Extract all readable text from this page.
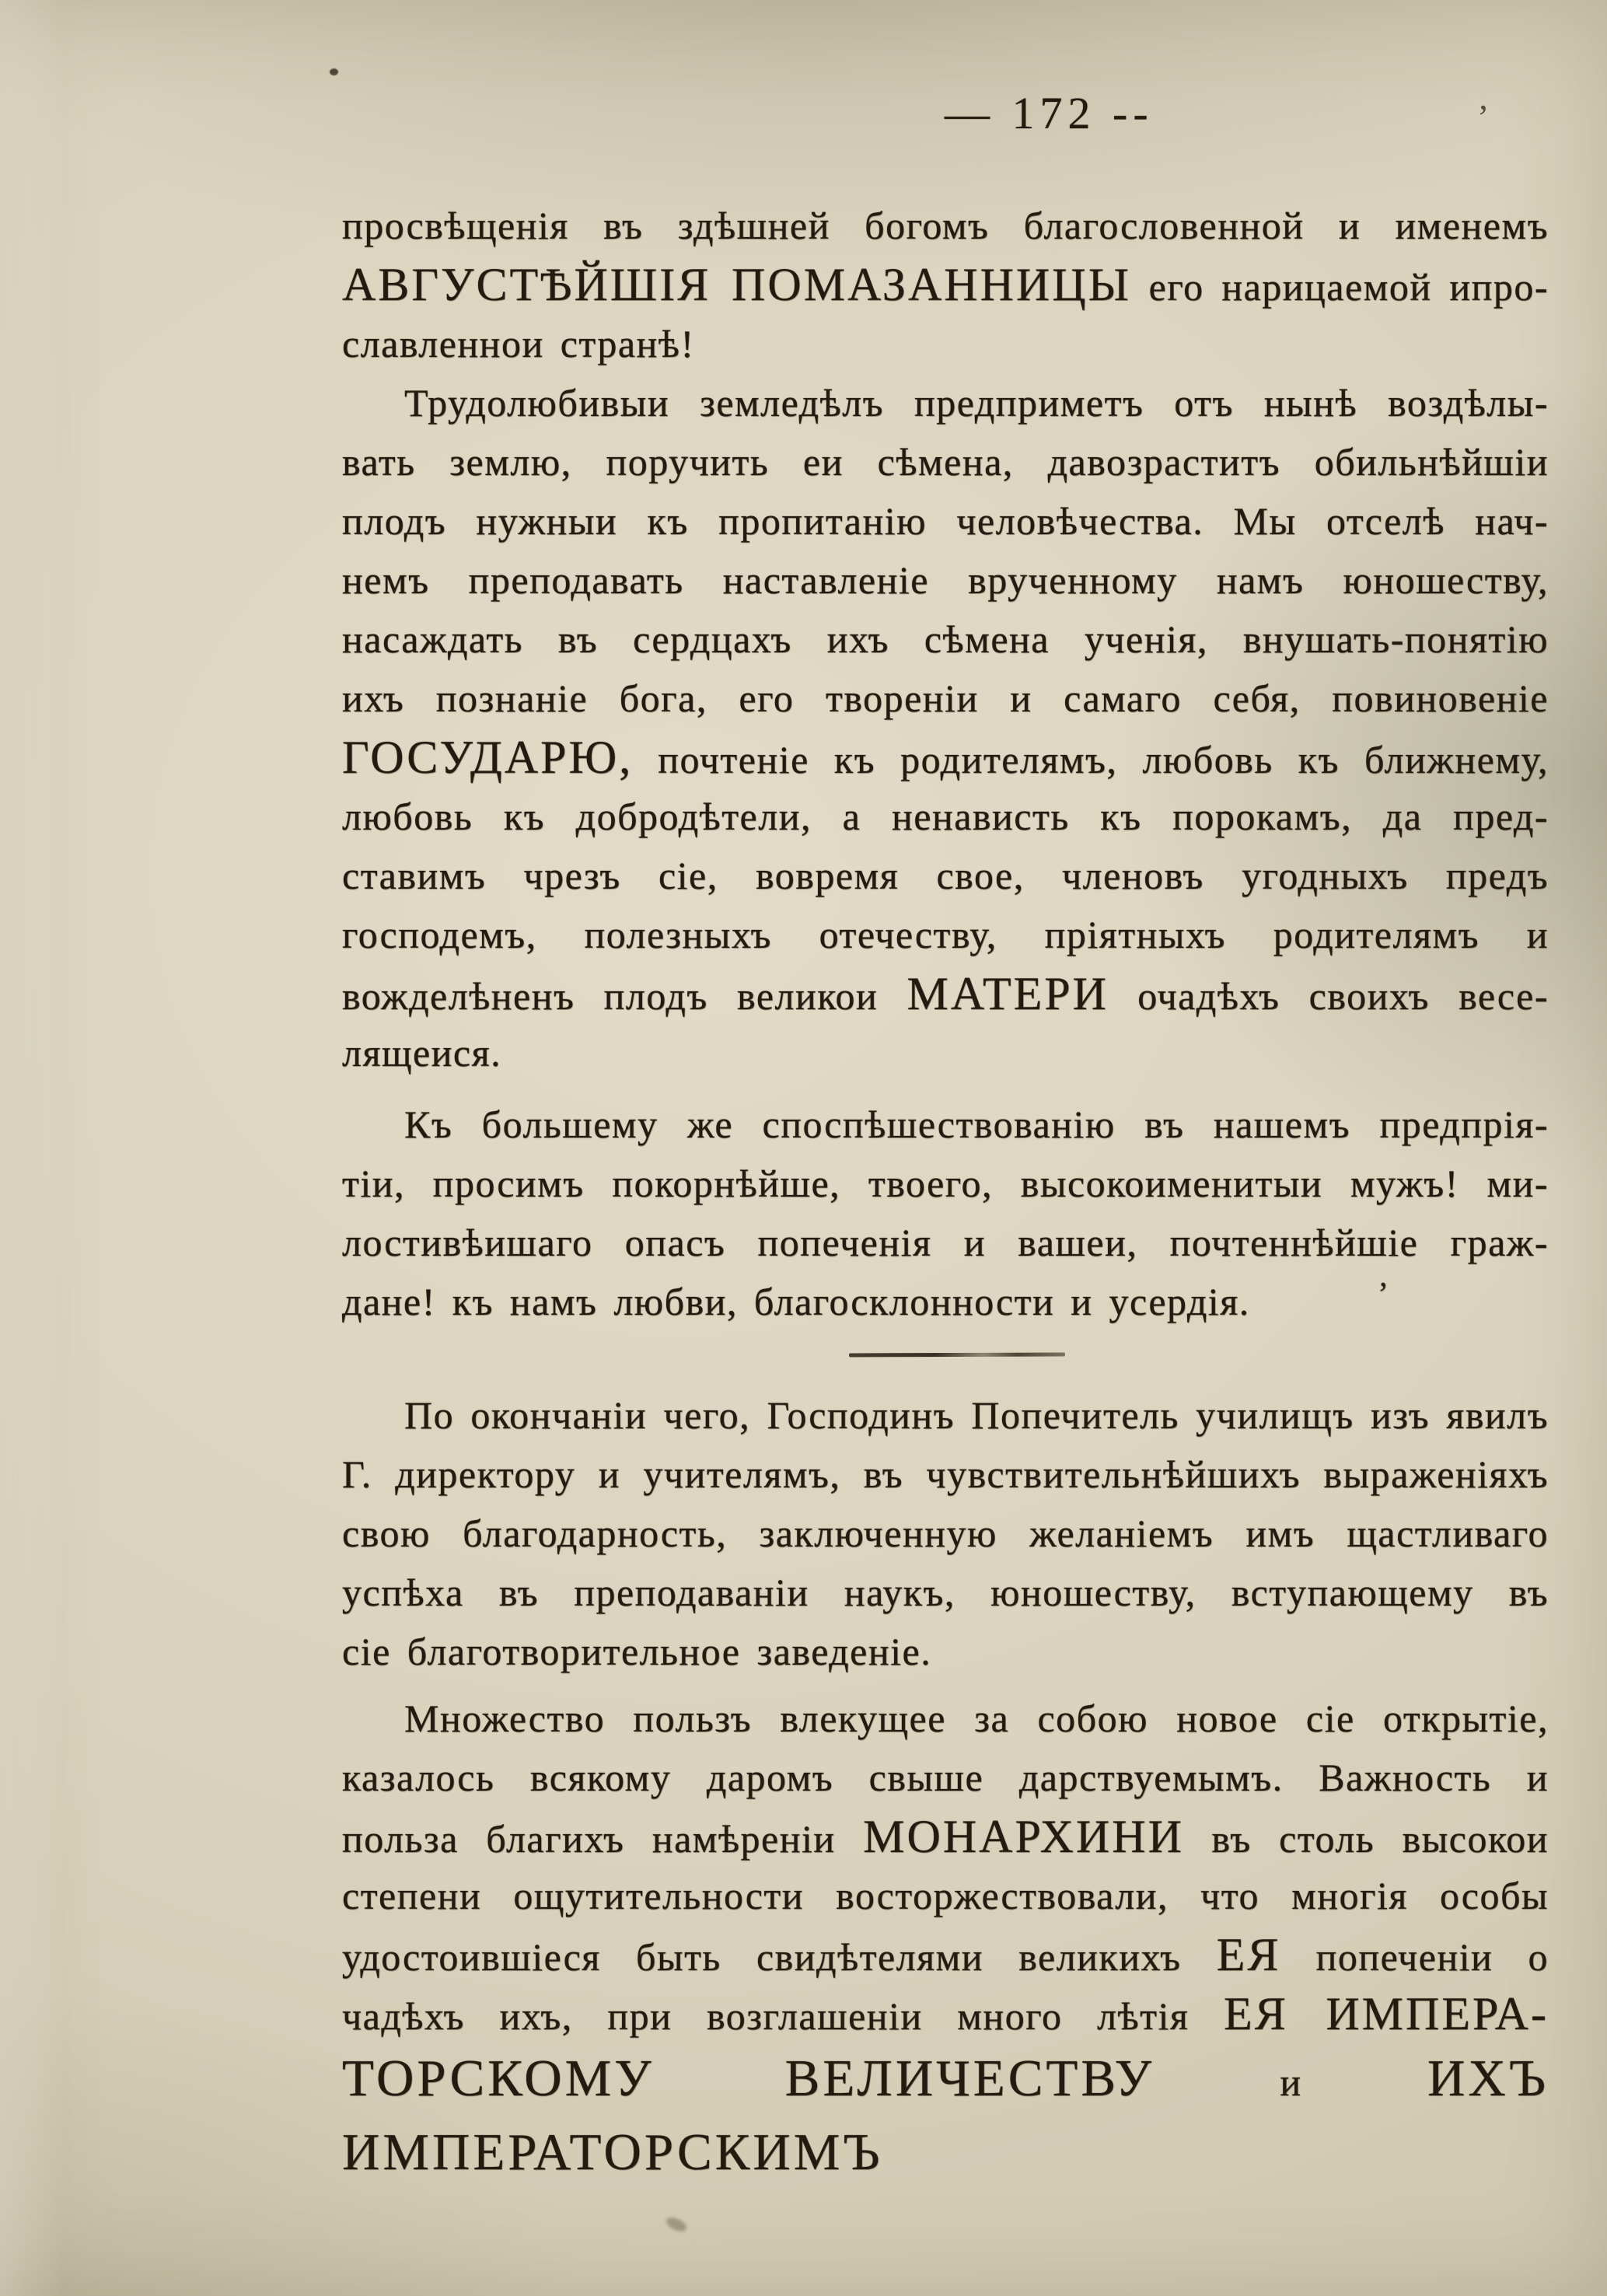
— 172 --	’
просвѣщенія въ здѣшней богомъ благословенной и именемъ
АВГУСТѢЙШІЯ ПОМАЗАННИЦЫ его нарицаемой ипро-
славленнои странѣ!
Трудолюбивыи земледѣлъ предприметъ отъ нынѣ воздѣлы-
вать землю, поручить еи сѣмена, давозраститъ обильнѣйшіи
плодъ нужныи къ пропитанію человѣчества. Мы отселѣ нач-
немъ преподавать наставленіе врученному намъ юношеству,
насаждать въ сердцахъ ихъ сѣмена ученія, внушать-понятію
ихъ познаніе бога, его твореніи и самаго себя, повиновеніе
ГОСУДАРЮ, почтеніе къ родителямъ, любовь къ ближнему,
любовь къ добродѣтели, а ненависть къ порокамъ, да пред-
ставимъ чрезъ сіе, вовремя свое, членовъ угодныхъ предъ
господемъ, полезныхъ отечеству, пріятныхъ родителямъ и
вожделѣненъ плодъ великои МАТЕРИ очадѣхъ своихъ весе-
лящеися.
Къ большему же споспѣшествованію въ нашемъ предпрія-
тіи, просимъ покорнѣйше, твоего, высокоименитыи мужъ! ми-
лостивѣишаго опасъ попеченія и вашеи, почтеннѣйшіе граж-
дане! къ намъ любви, благосклонности и усердія.	’
По окончаніи чего, Господинъ Попечитель училищъ изъ явилъ
Г. директору и учителямъ, въ чувствительнѣйшихъ выраженіяхъ
свою благодарность, заключенную желаніемъ имъ щастливаго
успѣха въ преподаваніи наукъ, юношеству, вступающему въ
сіе благотворительное заведеніе.
Множество пользъ влекущее за собою новое сіе открытіе,
казалось всякому даромъ свыше дарствуемымъ. Важность и
польза благихъ намѣреніи МОНАРХИНИ въ столь высокои
степени ощутительности восторжествовали, что многія особы
удостоившіеся быть свидѣтелями великихъ ЕЯ попеченіи о
чадѣхъ ихъ, при возглашеніи много лѣтія ЕЯ ИМПЕРА-
ТОРСКОМУ ВЕЛИЧЕСТВУ	и ИХЪ ИМПЕРАТОРСКИМЪ
